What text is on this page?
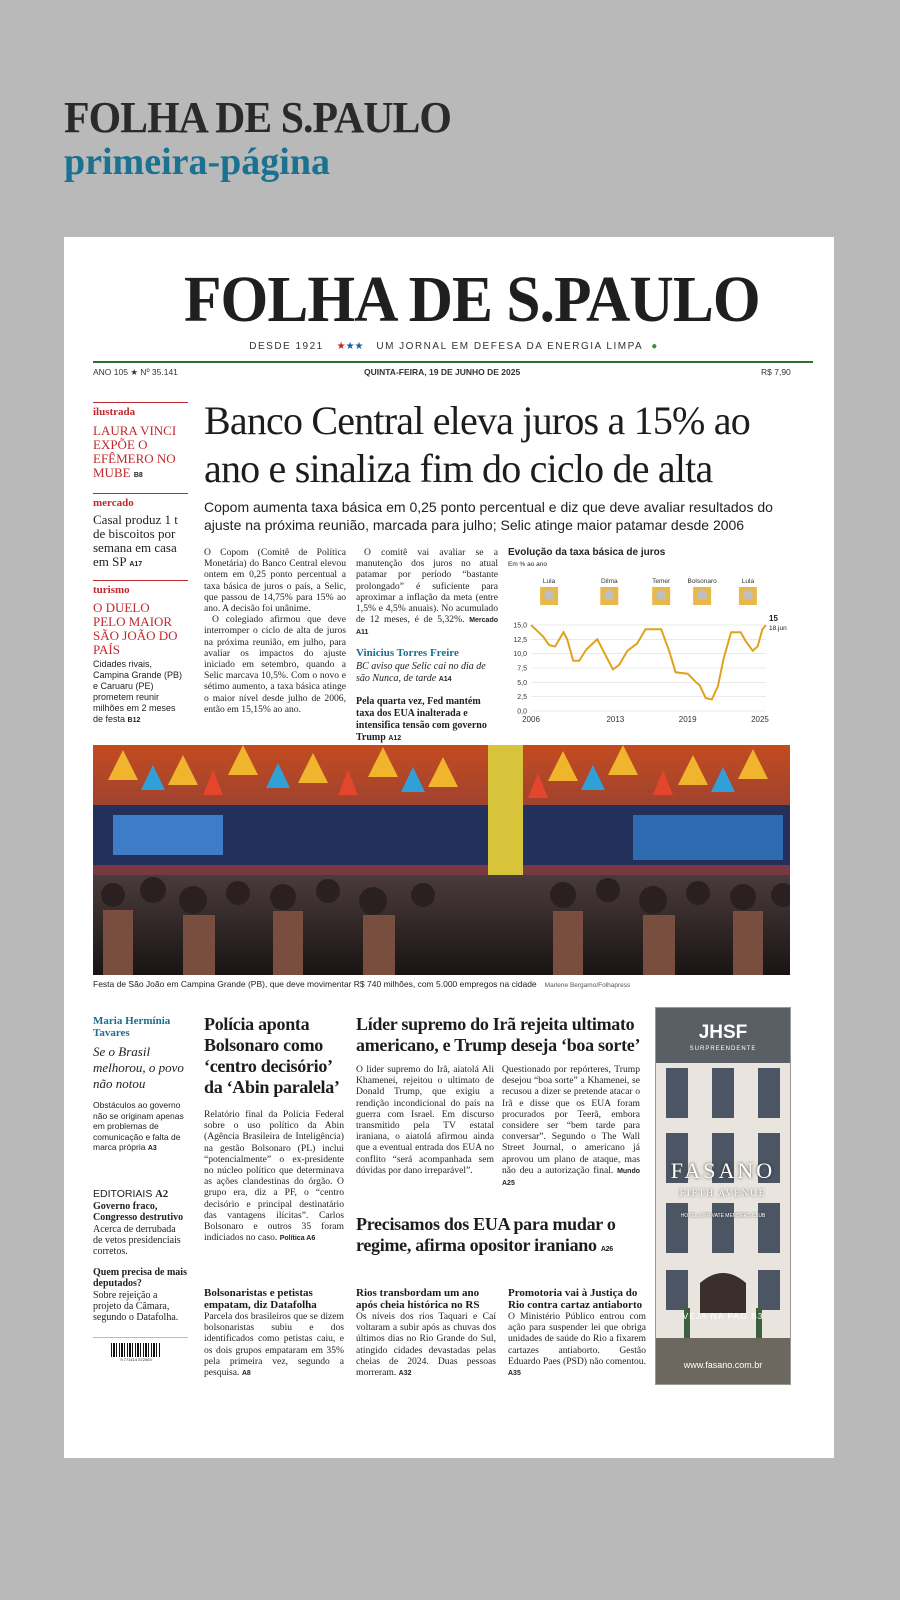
FOLHA DE S.PAULO
primeira-página
FOLHA DE S.PAULO
DESDE 1921 ★★★ UM JORNAL EM DEFESA DA ENERGIA LIMPA ●
ANO 105 ★ Nº 35.141	QUINTA-FEIRA, 19 DE JUNHO DE 2025	R$ 7,90
ilustrada
LAURA VINCI EXPÕE O EFÊMERO NO MUBE B8
mercado
Casal produz 1 t de biscoitos por semana em casa em SP A17
turismo
O DUELO PELO MAIOR SÃO JOÃO DO PAÍS
Cidades rivais, Campina Grande (PB) e Caruaru (PE) prometem reunir milhões em 2 meses de festa B12
Banco Central eleva juros a 15% ao ano e sinaliza fim do ciclo de alta
Copom aumenta taxa básica em 0,25 ponto percentual e diz que deve avaliar resultados do ajuste na próxima reunião, marcada para julho; Selic atinge maior patamar desde 2006
O Copom (Comitê de Política Monetária) do Banco Central elevou ontem em 0,25 ponto percentual a taxa básica de juros o país, a Selic, que passou de 14,75% para 15% ao ano. A decisão foi unânime.
O colegiado afirmou que deve interromper o ciclo de alta de juros na próxima reunião, em julho, para avaliar os impactos do ajuste iniciado em setembro, quando a Selic marcava 10,5%. Com o novo e sétimo aumento, a taxa básica atinge o maior nível desde julho de 2006, então em 15,15% ao ano.
O comitê vai avaliar se a manutenção dos juros no atual patamar por período “bastante prolongado” é suficiente para aproximar a inflação da meta (entre 1,5% e 4,5% anuais). No acumulado de 12 meses, é de 5,32%. Mercado A11
Vinicius Torres Freire
BC aviso que Selic cai no dia de são Nunca, de tarde A14
Pela quarta vez, Fed mantém taxa dos EUA inalterada e intensifica tensão com governo Trump A12
Evolução da taxa básica de juros
Em % ao ano
15,0
12,5
10,0
7,5
5,0
2,5
0,0
2006	2013	2019	2025
Lula	Dilma	Temer	Bolsonaro	Lula
15
18.jun
Festa de São João em Campina Grande (PB), que deve movimentar R$ 740 milhões, com 5.000 empregos na cidade Marlene Bergamo/Folhapress
Maria Hermínia Tavares
Se o Brasil melhorou, o povo não notou
Obstáculos ao governo não se originam apenas em problemas de comunicação e falta de marca própria A3
EDITORIAIS A2
Governo fraco, Congresso destrutivo
Acerca de derrubada de vetos presidenciais corretos.
Quem precisa de mais deputados?
Sobre rejeição a projeto da Câmara, segundo o Datafolha.
9 771414 572003
Polícia aponta Bolsonaro como ‘centro decisório’ da ‘Abin paralela’
Relatório final da Polícia Federal sobre o uso político da Abin (Agência Brasileira de Inteligência) na gestão Bolsonaro (PL) inclui “potencialmente” o ex-presidente no núcleo político que determinava as ações clandestinas do órgão. O grupo era, diz a PF, o “centro decisório e principal destinatário das vantagens ilícitas”. Carlos Bolsonaro e outros 35 foram indiciados no caso. Política A6
Líder supremo do Irã rejeita ultimato americano, e Trump deseja ‘boa sorte’
O líder supremo do Irã, aiatolá Ali Khamenei, rejeitou o ultimato de Donald Trump, que exigiu a rendição incondicional do país na guerra com Israel. Em discurso transmitido pela TV estatal iraniana, o aiatolá afirmou ainda que a eventual entrada dos EUA no conflito “será acompanhada sem dúvidas por dano irreparável”.
Questionado por repórteres, Trump desejou “boa sorte” a Khamenei, se recusou a dizer se pretende atacar o Irã e disse que os EUA foram procurados por Teerã, embora considere ser “bem tarde para conversar”. Segundo o The Wall Street Journal, o americano já aprovou um plano de ataque, mas não deu a autorização final. Mundo A25
Precisamos dos EUA para mudar o regime, afirma opositor iraniano A26
Bolsonaristas e petistas empatam, diz Datafolha
Parcela dos brasileiros que se dizem bolsonaristas subiu e dos identificados como petistas caiu, e os dois grupos empataram em 35% pela primeira vez, segundo a pesquisa. A8
Rios transbordam um ano após cheia histórica no RS
Os níveis dos rios Taquari e Caí voltaram a subir após as chuvas dos últimos dias no Rio Grande do Sul, atingido cidades devastadas pelas cheias de 2024. Duas pessoas morreram. A32
Promotoria vai à Justiça do Rio contra cartaz antiaborto
O Ministério Público entrou com ação para suspender lei que obriga unidades de saúde do Rio a fixarem cartazes antiaborto. Gestão Eduardo Paes (PSD) não comentou. A35
JHSF
SURPREENDENTE
FASANO
FIFTH AVENUE
HOTEL & PRIVATE MEMBERS CLUB
VEJA NA PAG B3
www.fasano.com.br
